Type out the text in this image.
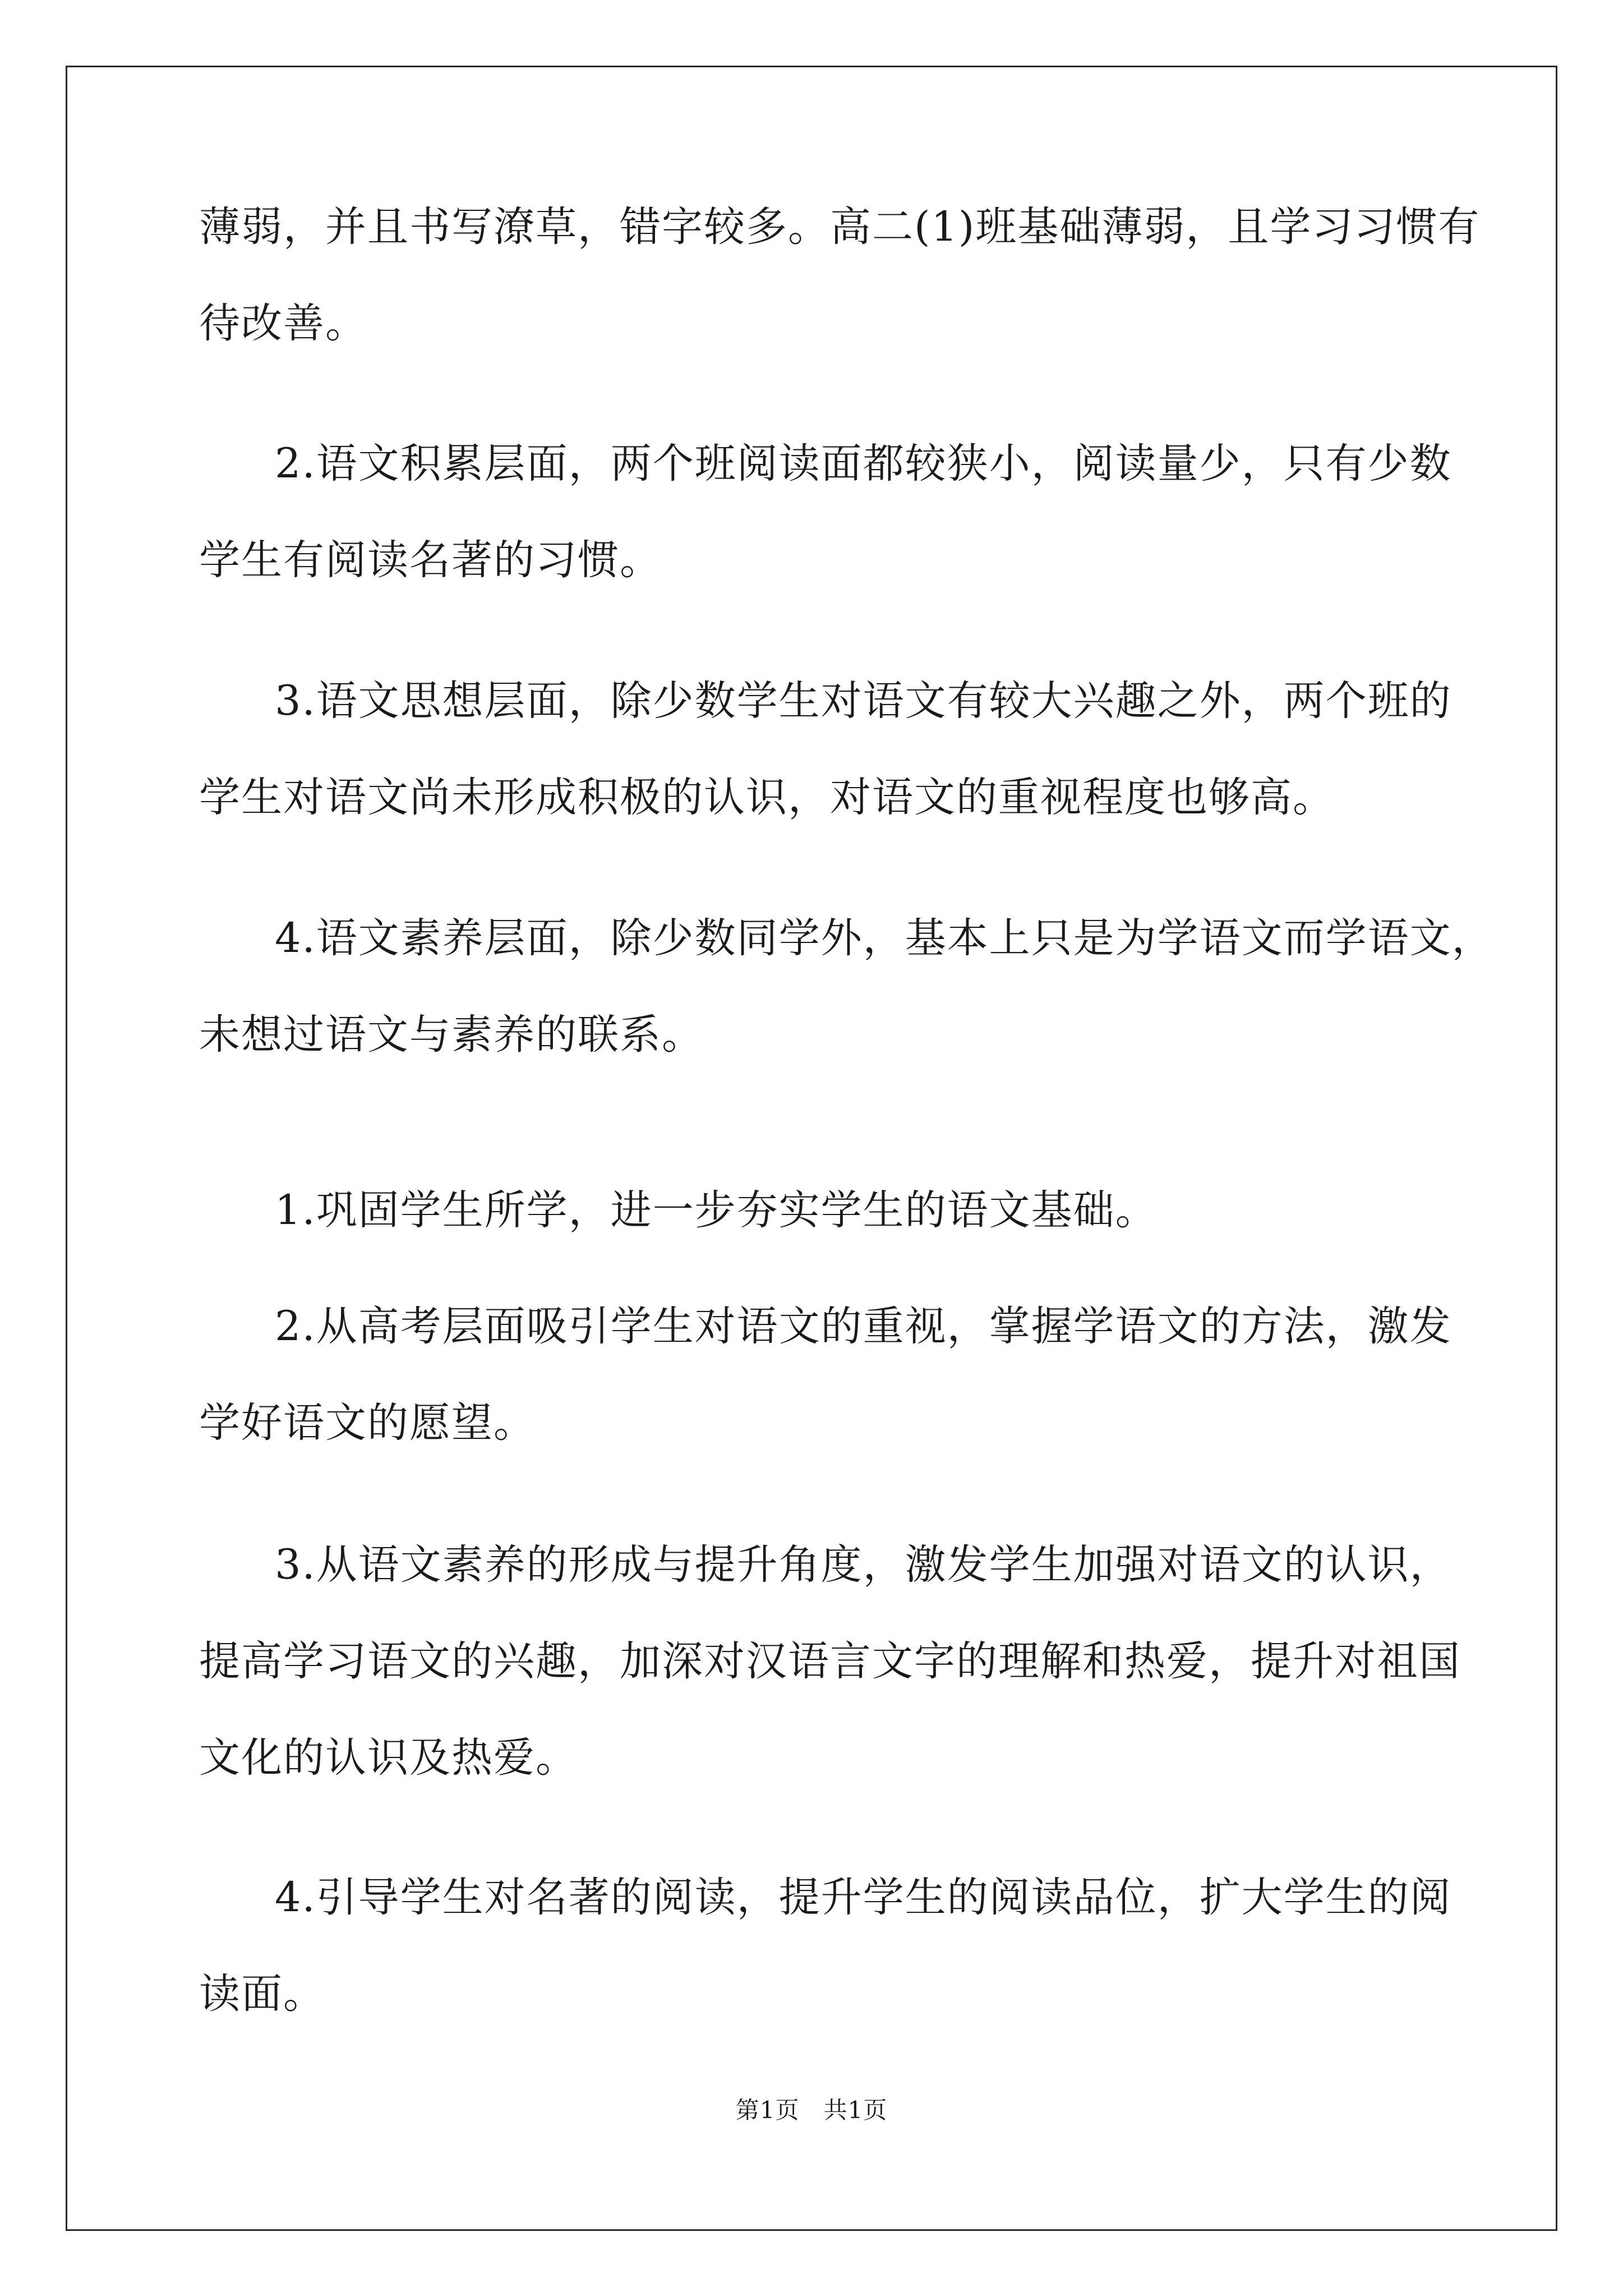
薄弱，并且书写潦草，错字较多。高二(1)班基础薄弱，且学习习惯有
待改善。
2.语文积累层面，两个班阅读面都较狭小，阅读量少，只有少数
学生有阅读名著的习惯。
3.语文思想层面，除少数学生对语文有较大兴趣之外，两个班的
学生对语文尚未形成积极的认识，对语文的重视程度也够高。
4.语文素养层面，除少数同学外，基本上只是为学语文而学语文，
未想过语文与素养的联系。
1.巩固学生所学，进一步夯实学生的语文基础。
2.从高考层面吸引学生对语文的重视，掌握学语文的方法，激发
学好语文的愿望。
3.从语文素养的形成与提升角度，激发学生加强对语文的认识，
提高学习语文的兴趣，加深对汉语言文字的理解和热爱，提升对祖国
文化的认识及热爱。
4.引导学生对名著的阅读，提升学生的阅读品位，扩大学生的阅
读面。
第1页　共1页
